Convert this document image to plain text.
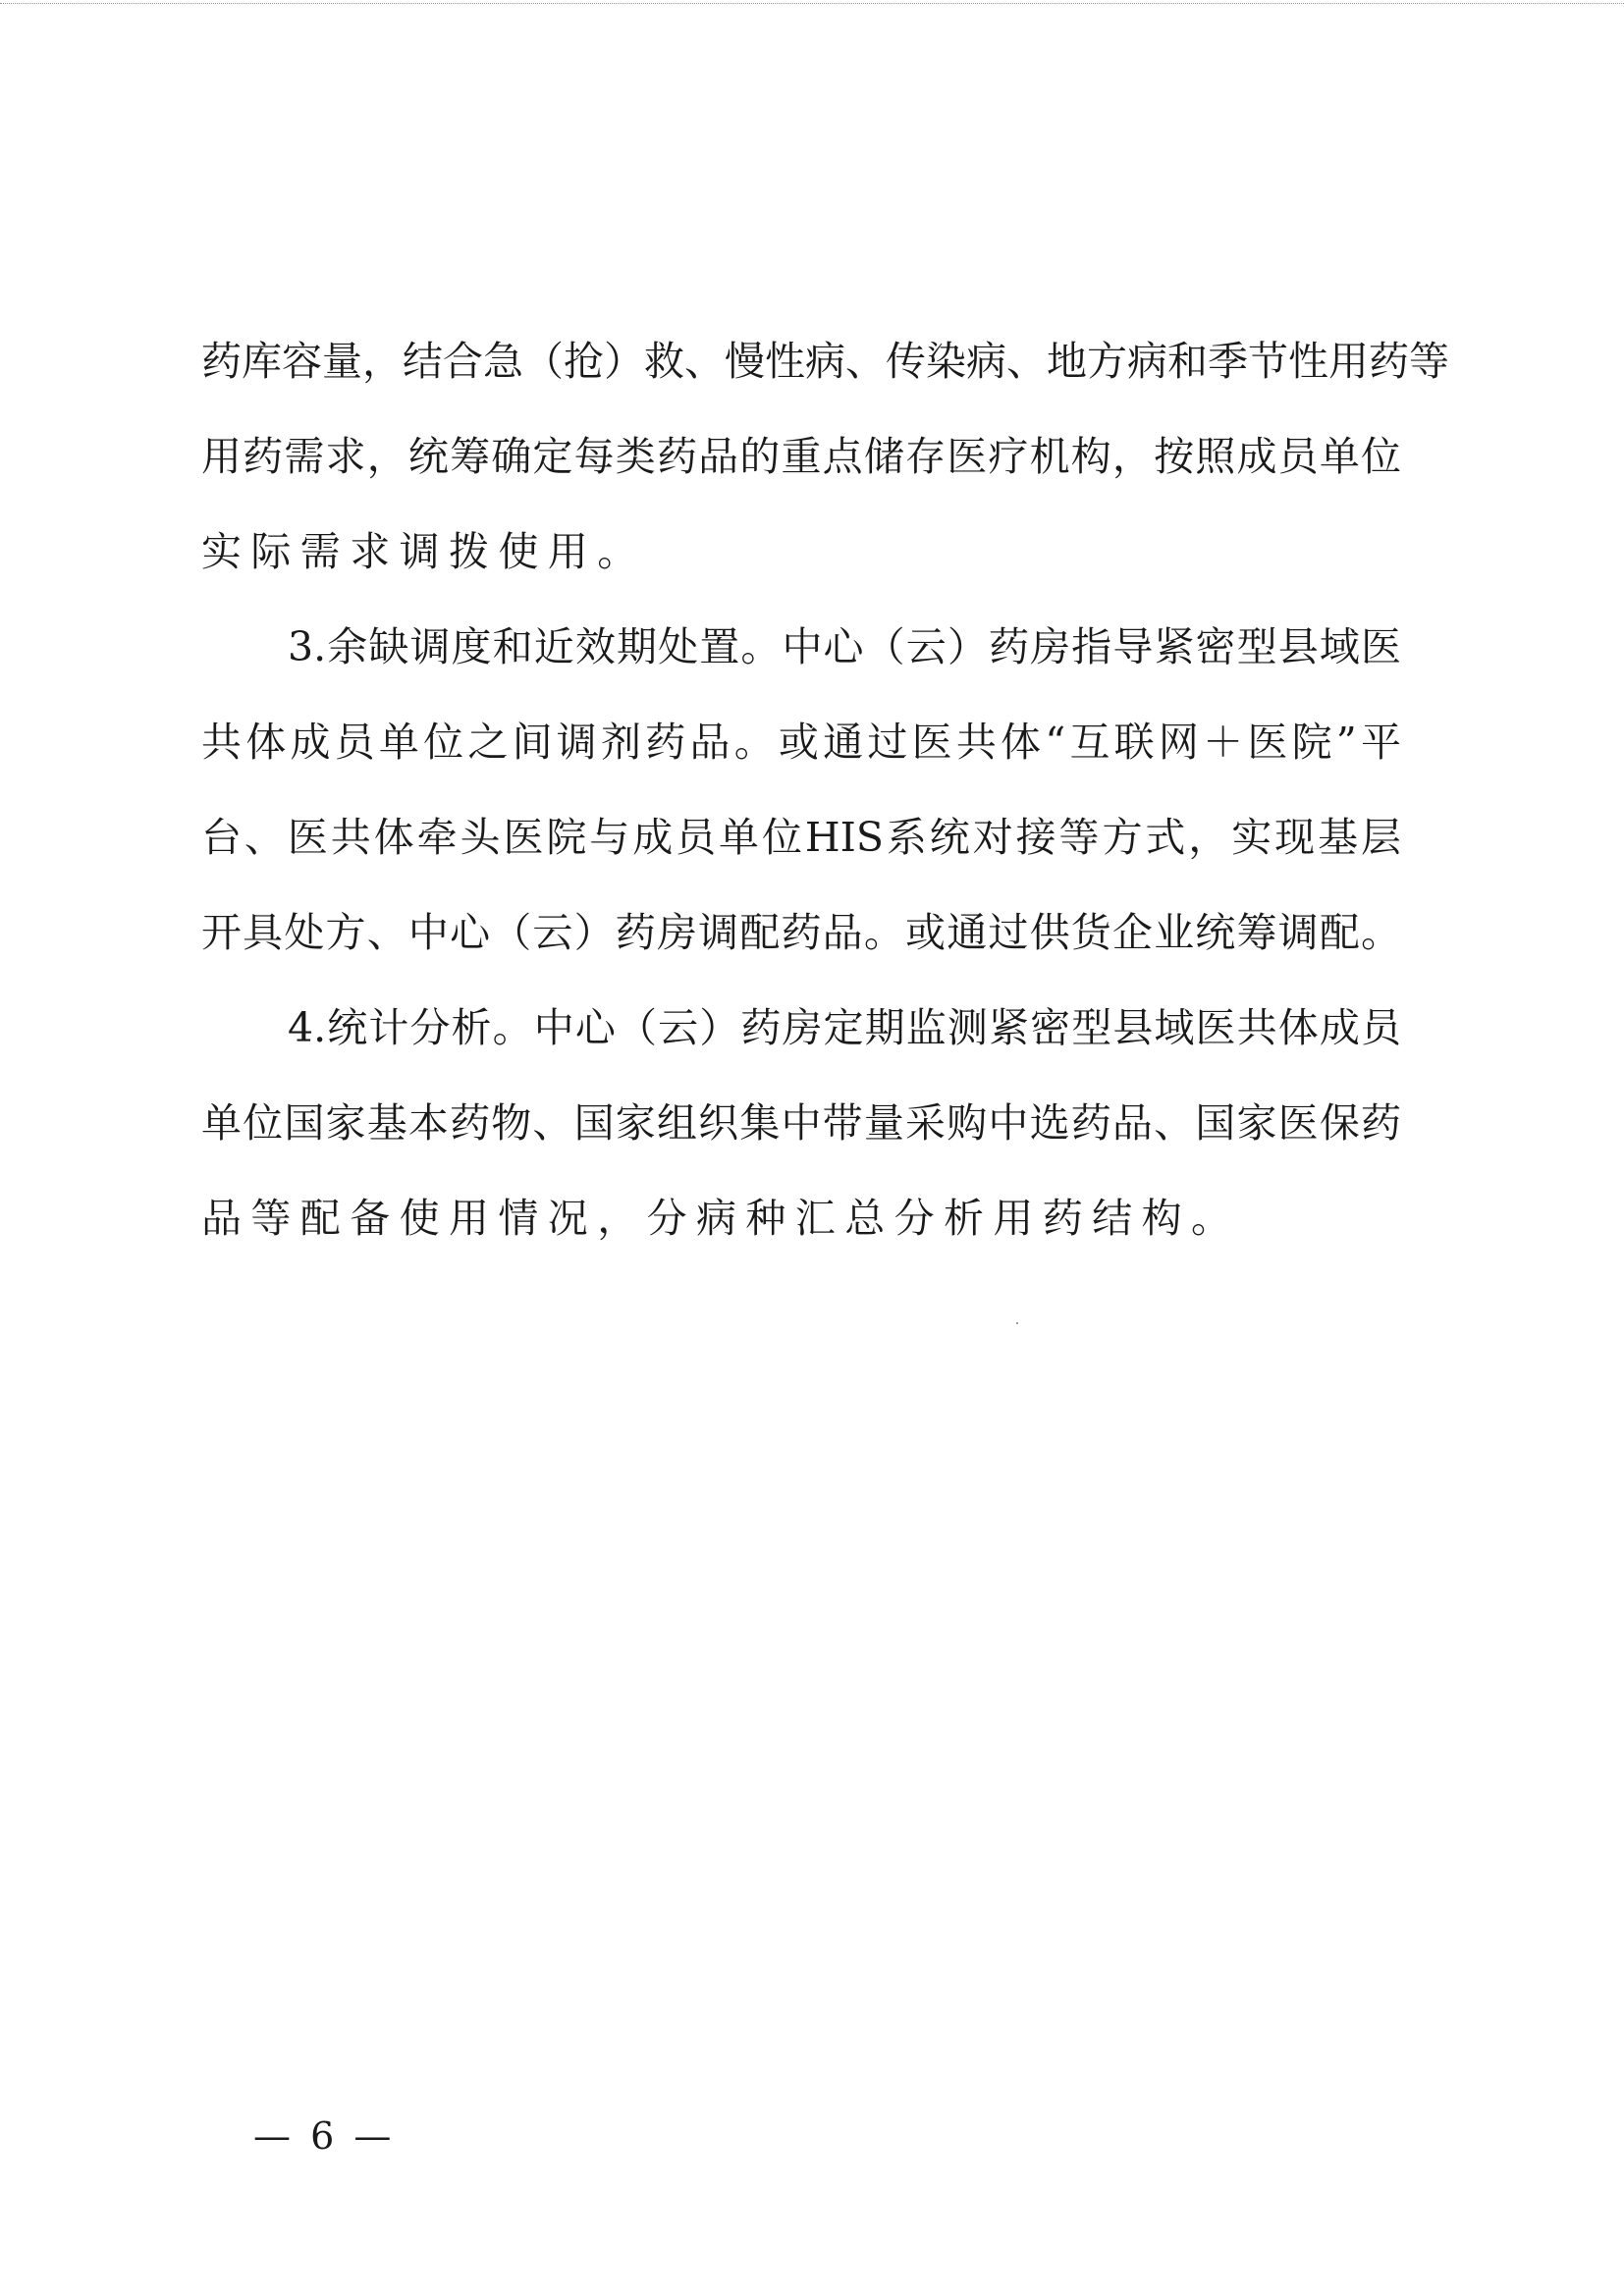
药库容量，结合急（抢）救、慢性病、传染病、地方病和季节性用药等
用药需求，统筹确定每类药品的重点储存医疗机构，按照成员单位
实际需求调拨使用。
3.余缺调度和近效期处置。中心（云）药房指导紧密型县域医
共体成员单位之间调剂药品。或通过医共体“互联网＋医院”平
台、医共体牵头医院与成员单位HIS系统对接等方式，实现基层
开具处方、中心（云）药房调配药品。或通过供货企业统筹调配。
4.统计分析。中心（云）药房定期监测紧密型县域医共体成员
单位国家基本药物、国家组织集中带量采购中选药品、国家医保药
品等配备使用情况，分病种汇总分析用药结构。
— 6 —
